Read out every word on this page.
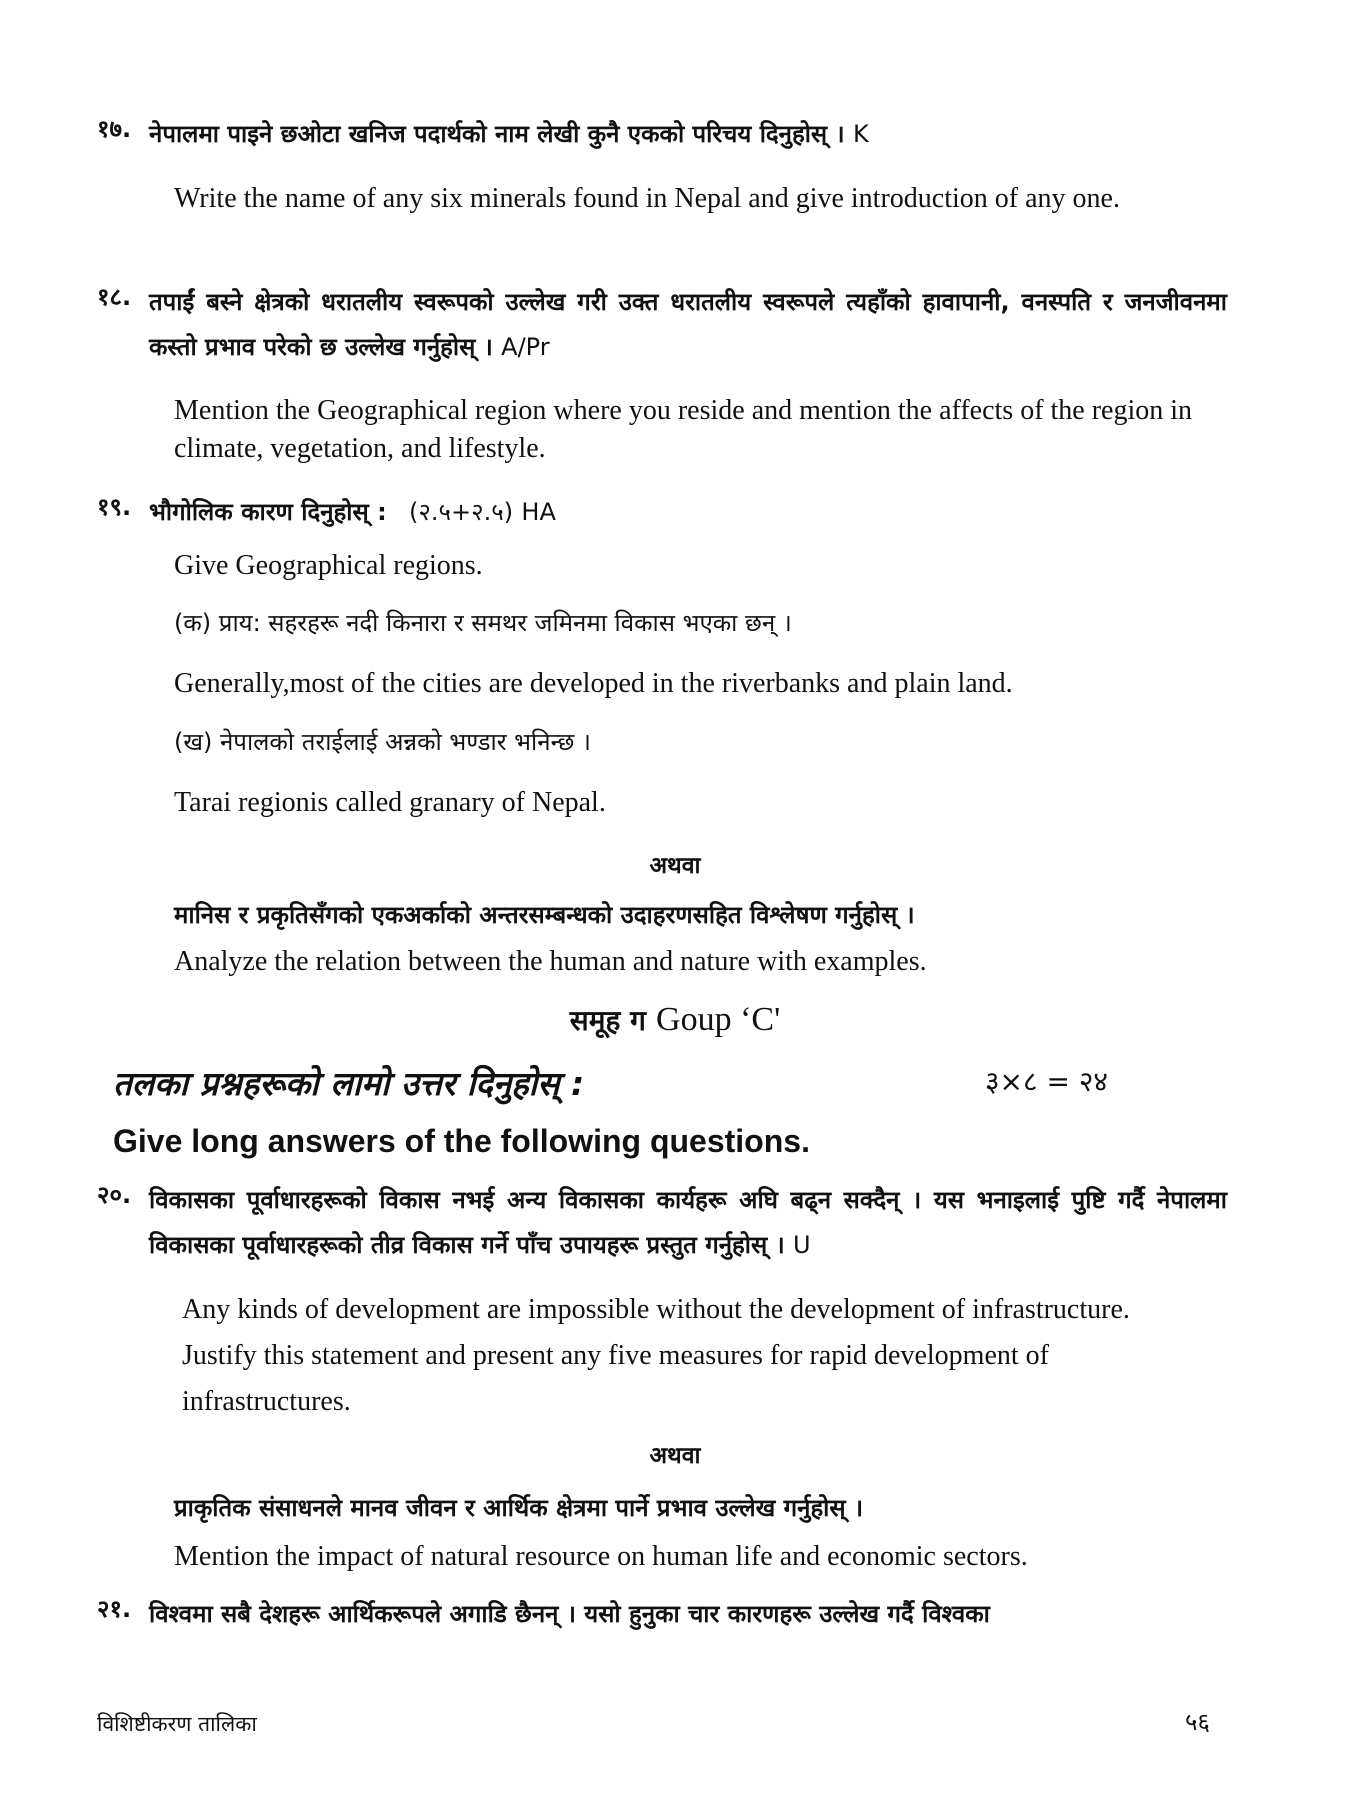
१७. नेपालमा पाइने छओटा खनिज पदार्थको नाम लेखी कुनै एकको परिचय दिनुहोस् । K
Write the name of any six minerals found in Nepal and give introduction of any one.
१८. तपाईं बस्ने क्षेत्रको धरातलीय स्वरूपको उल्लेख गरी उक्त धरातलीय स्वरूपले त्यहाँको हावापानी, वनस्पति र जनजीवनमा कस्तो प्रभाव परेको छ उल्लेख गर्नुहोस् । A/Pr
Mention the Geographical region where you reside and mention the affects of the region in climate, vegetation, and lifestyle.
१९. भौगोलिक कारण दिनुहोस् : (२.५+२.५) HA
Give Geographical regions.
(क) प्राय: सहरहरू नदी किनारा र समथर जमिनमा विकास भएका छन् ।
Generally,most of the cities are developed in the riverbanks and plain land.
(ख) नेपालको तराईलाई अन्नको भण्डार भनिन्छ ।
Tarai regionis called granary of Nepal.
अथवा
मानिस र प्रकृतिसँगको एकअर्काको अन्तरसम्बन्धको उदाहरणसहित विश्लेषण गर्नुहोस् ।
Analyze the relation between the human and nature with examples.
समूह ग Goup ‘C'
तलका प्रश्नहरूको लामो उत्तर दिनुहोस् :	३×८ = २४
Give long answers of the following questions.
२०. विकासका पूर्वाधारहरूको विकास नभई अन्य विकासका कार्यहरू अघि बढ्न सक्दैन् । यस भनाइलाई पुष्टि गर्दै नेपालमा विकासका पूर्वाधारहरूको तीव्र विकास गर्ने पाँच उपायहरू प्रस्तुत गर्नुहोस् । U
Any kinds of development are impossible without the development of infrastructure. Justify this statement and present any five measures for rapid development of infrastructures.
अथवा
प्राकृतिक संसाधनले मानव जीवन र आर्थिक क्षेत्रमा पार्ने प्रभाव उल्लेख गर्नुहोस् ।
Mention the impact of natural resource on human life and economic sectors.
२१. विश्वमा सबै देशहरू आर्थिकरूपले अगाडि छैनन् । यसो हुनुका चार कारणहरू उल्लेख गर्दै विश्वका
विशिष्टीकरण तालिका	५६
